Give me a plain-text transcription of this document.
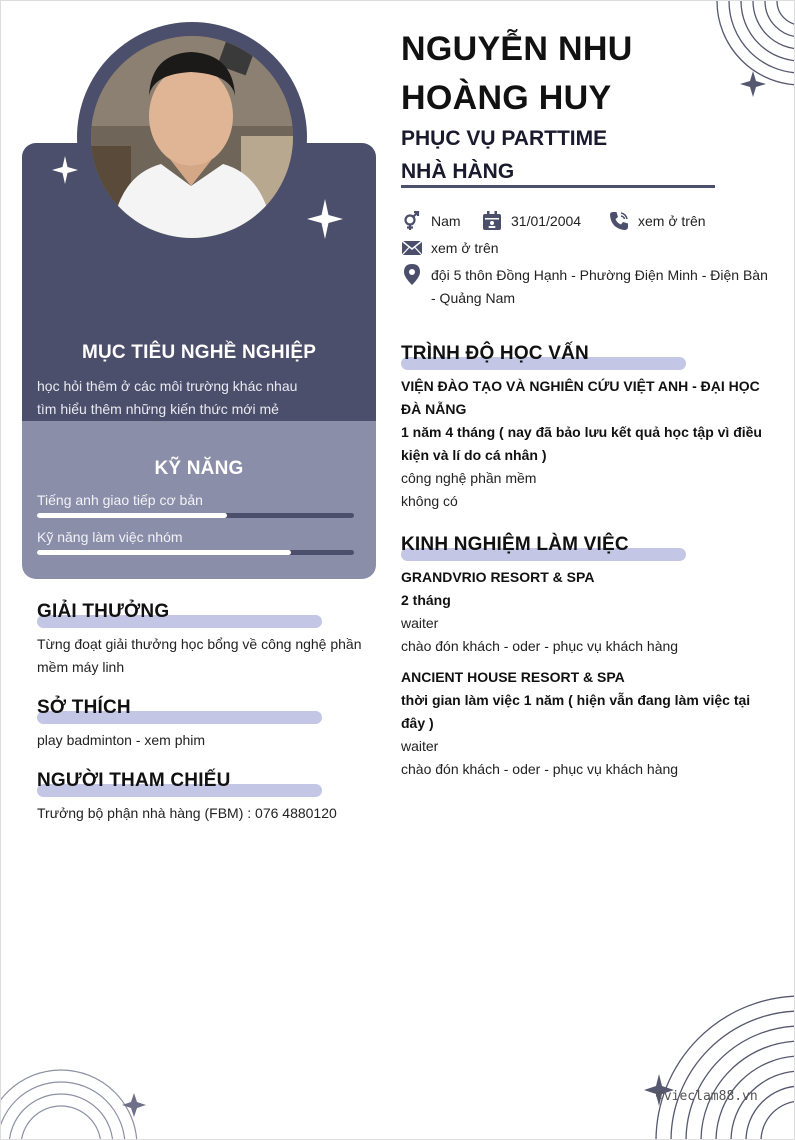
MỤC TIÊU NGHỀ NGHIỆP
học hỏi thêm ở các môi trường khác nhau
tìm hiểu thêm những kiến thức mới mẻ
KỸ NĂNG
Tiếng anh giao tiếp cơ bản
Kỹ năng làm việc nhóm
GIẢI THƯỞNG
Từng đoạt giải thưởng học bổng về công nghệ phần mềm máy linh
SỞ THÍCH
play badminton - xem phim
NGƯỜI THAM CHIẾU
Trưởng bộ phận nhà hàng (FBM) : 076 4880120
NGUYỄN NHU
HOÀNG HUY
PHỤC VỤ PARTTIME
NHÀ HÀNG
Nam	31/01/2004	xem ở trên
xem ở trên
đội 5 thôn Đồng Hạnh - Phường Điện Minh - Điện Bàn - Quảng Nam
TRÌNH ĐỘ HỌC VẤN
VIỆN ĐÀO TẠO VÀ NGHIÊN CỨU VIỆT ANH - ĐẠI HỌC ĐÀ NẴNG
1 năm 4 tháng ( nay đã bảo lưu kết quả học tập vì điều kiện và lí do cá nhân )
công nghệ phần mềm
không có
KINH NGHIỆM LÀM VIỆC
GRANDVRIO RESORT & SPA
2 tháng
waiter
chào đón khách - oder - phục vụ khách hàng
ANCIENT HOUSE RESORT & SPA
thời gian làm việc 1 năm ( hiện vẫn đang làm việc tại đây )
waiter
chào đón khách - oder - phục vụ khách hàng
©vieclam88.vn
